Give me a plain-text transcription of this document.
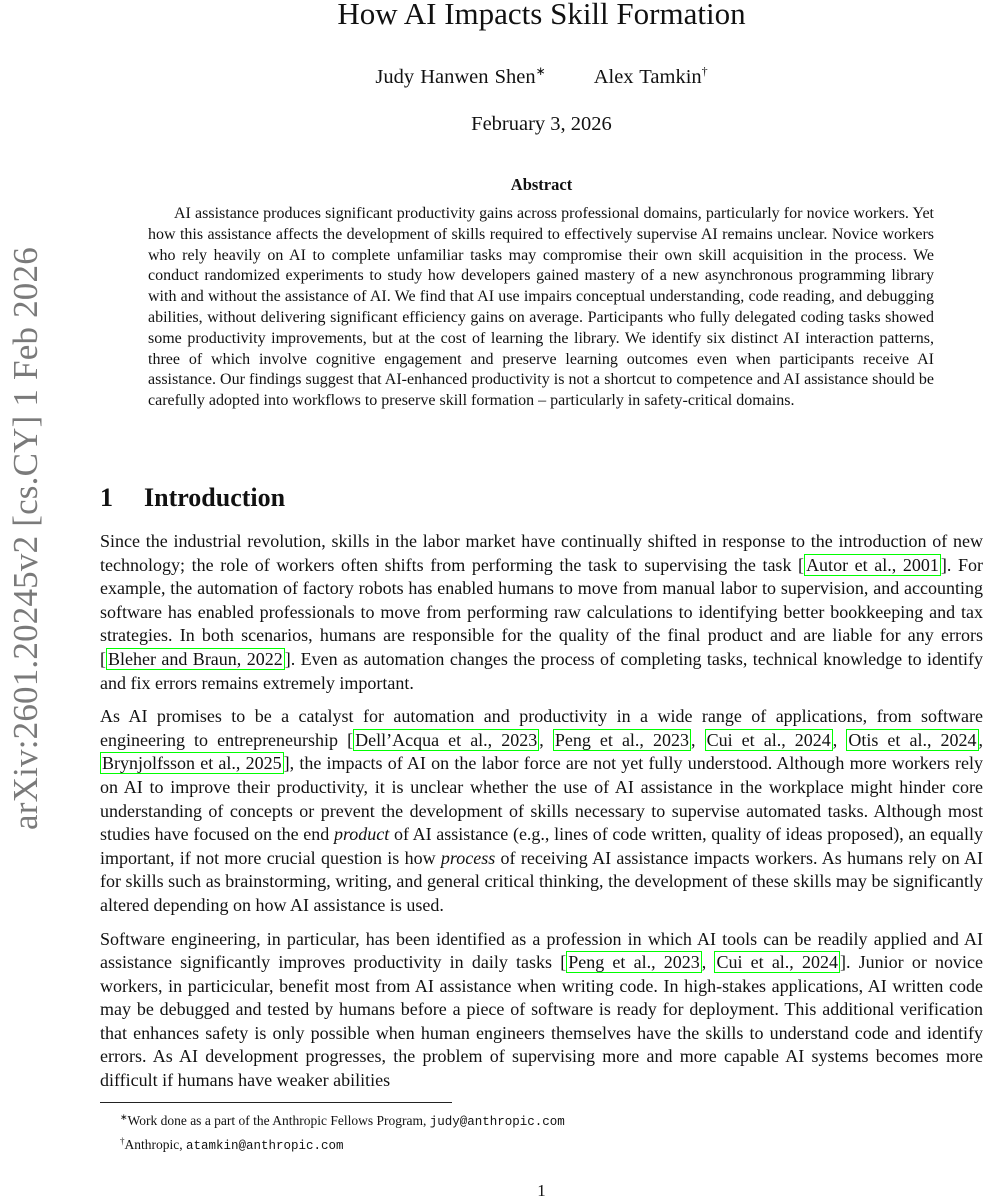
arXiv:2601.20245v2 [cs.CY] 1 Feb 2026
How AI Impacts Skill Formation
Judy Hanwen Shen∗ Alex Tamkin†
February 3, 2026
Abstract

AI assistance produces significant productivity gains across professional domains, particularly for novice workers. Yet how this assistance affects the development of skills required to effectively supervise AI remains unclear. Novice workers who rely heavily on AI to complete unfamiliar tasks may compromise their own skill acquisition in the process. We conduct randomized experiments to study how developers gained mastery of a new asynchronous programming library with and without the assistance of AI. We find that AI use impairs conceptual understanding, code reading, and debugging abilities, without delivering significant efficiency gains on average. Participants who fully delegated coding tasks showed some productivity improvements, but at the cost of learning the library. We identify six distinct AI interaction patterns, three of which involve cognitive engagement and preserve learning outcomes even when participants receive AI assistance. Our findings suggest that AI-enhanced productivity is not a shortcut to competence and AI assistance should be carefully adopted into workflows to preserve skill formation – particularly in safety-critical domains.

1 Introduction

Since the industrial revolution, skills in the labor market have continually shifted in response to the introduction of new technology; the role of workers often shifts from performing the task to supervising the task [ Autor et al., 2001 ]. For example, the automation of factory robots has enabled humans to move from manual labor to supervision, and accounting software has enabled professionals to move from performing raw calculations to identifying better bookkeeping and tax strategies. In both scenarios, humans are responsible for the quality of the final product and are liable for any errors [ Bleher and Braun, 2022 ]. Even as automation changes the process of completing tasks, technical knowledge to identify and fix errors remains extremely important.

As AI promises to be a catalyst for automation and productivity in a wide range of applications, from software engineering to entrepreneurship [ Dell’Acqua et al., 2023 , Peng et al., 2023 , Cui et al., 2024 , Otis et al., 2024 , Brynjolfsson et al., 2025 ], the impacts of AI on the labor force are not yet fully understood. Although more workers rely on AI to improve their productivity, it is unclear whether the use of AI assistance in the workplace might hinder core understanding of concepts or prevent the development of skills necessary to supervise automated tasks. Although most studies have focused on the end product of AI assistance (e.g., lines of code written, quality of ideas proposed), an equally important, if not more crucial question is how process of receiving AI assistance impacts workers. As humans rely on AI for skills such as brainstorming, writing, and general critical thinking, the development of these skills may be significantly altered depending on how AI assistance is used.

Software engineering, in particular, has been identified as a profession in which AI tools can be readily applied and AI assistance significantly improves productivity in daily tasks [ Peng et al., 2023 , Cui et al., 2024 ]. Junior or novice workers, in particicular, benefit most from AI assistance when writing code. In high-stakes applications, AI written code may be debugged and tested by humans before a piece of software is ready for deployment. This additional verification that enhances safety is only possible when human engineers themselves have the skills to understand code and identify errors. As AI development progresses, the problem of supervising more and more capable AI systems becomes more difficult if humans have weaker abilities

∗Work done as a part of the Anthropic Fellows Program, judy@anthropic.com
†Anthropic, atamkin@anthropic.com
1
